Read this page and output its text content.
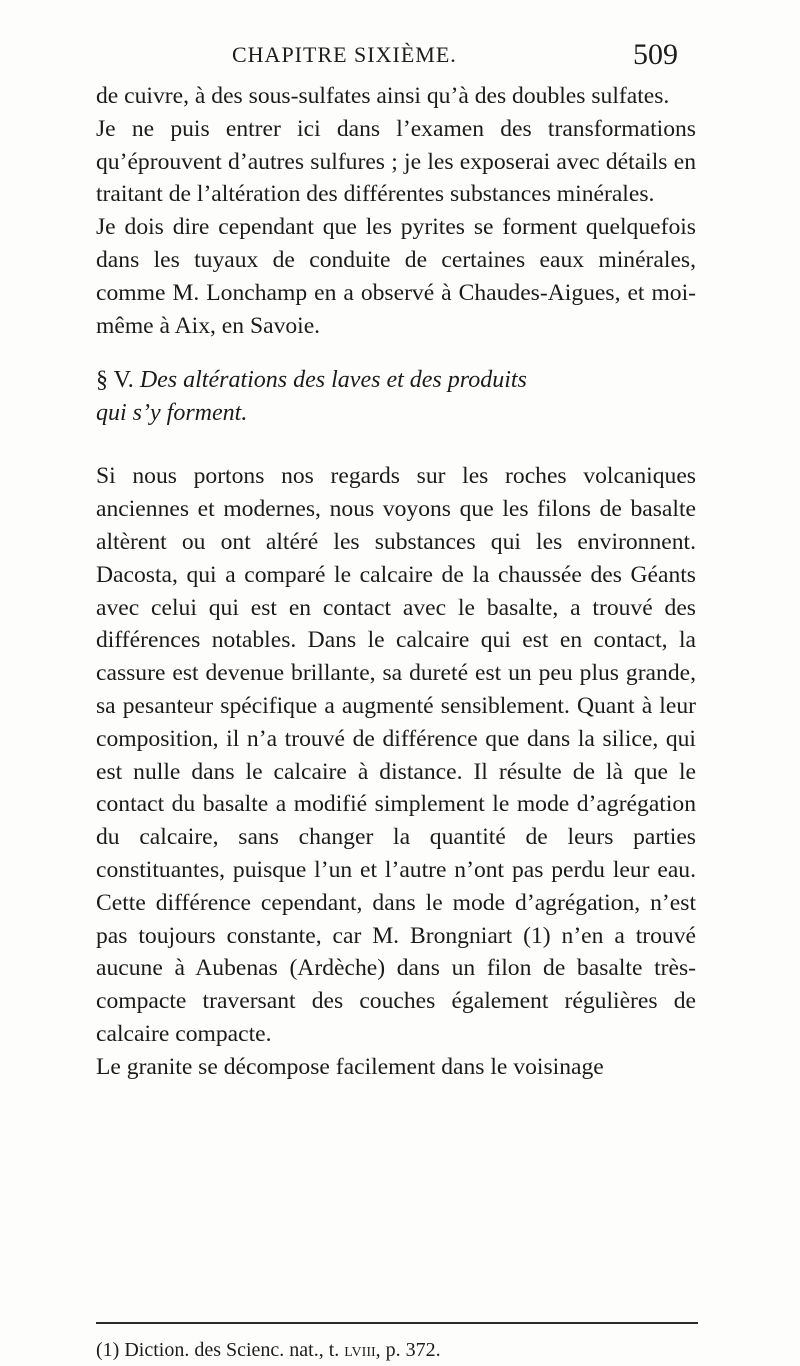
CHAPITRE SIXIÈME.	509

de cuivre, à des sous-sulfates ainsi qu’à des doubles sulfates.

Je ne puis entrer ici dans l’examen des transformations qu’éprouvent d’autres sulfures ; je les exposerai avec détails en traitant de l’altération des différentes substances minérales.

Je dois dire cependant que les pyrites se forment quelquefois dans les tuyaux de conduite de certaines eaux minérales, comme M. Lonchamp en a observé à Chaudes-Aigues, et moi-même à Aix, en Savoie.

§ V. Des altérations des laves et des produits
qui s’y forment.

Si nous portons nos regards sur les roches volcaniques anciennes et modernes, nous voyons que les filons de basalte altèrent ou ont altéré les substances qui les environnent. Dacosta, qui a comparé le calcaire de la chaussée des Géants avec celui qui est en contact avec le basalte, a trouvé des différences notables. Dans le calcaire qui est en contact, la cassure est devenue brillante, sa dureté est un peu plus grande, sa pesanteur spécifique a augmenté sensiblement. Quant à leur composition, il n’a trouvé de différence que dans la silice, qui est nulle dans le calcaire à distance. Il résulte de là que le contact du basalte a modifié simplement le mode d’agrégation du calcaire, sans changer la quantité de leurs parties constituantes, puisque l’un et l’autre n’ont pas perdu leur eau. Cette différence cependant, dans le mode d’agrégation, n’est pas toujours constante, car M. Brongniart (1) n’en a trouvé aucune à Aubenas (Ardèche) dans un filon de basalte très-compacte traversant des couches également régulières de calcaire compacte.

Le granite se décompose facilement dans le voisinage

(1) Diction. des Scienc. nat., t. lviii, p. 372.
